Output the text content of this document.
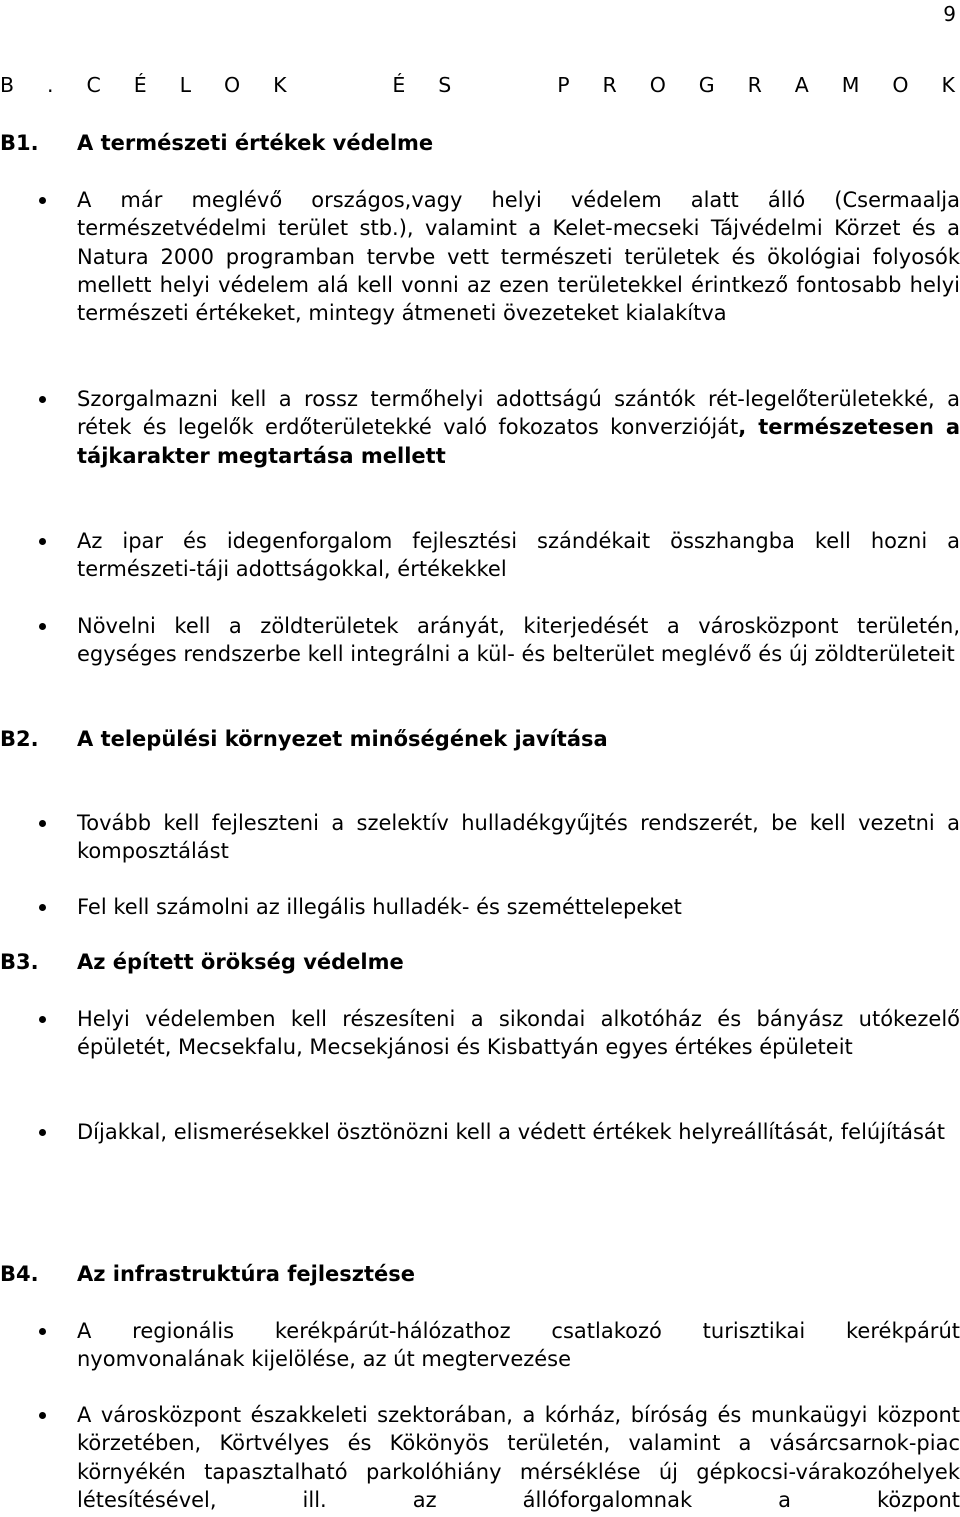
9
B . C É L O K	É S	P R O G R A M O K
B1. A természeti értékek védelme
A már meglévő országos,vagy helyi védelem alatt álló (Csermaalja természetvédelmi terület stb.), valamint a Kelet-mecseki Tájvédelmi Körzet és a Natura 2000 programban tervbe vett természeti területek és ökológiai folyosók mellett helyi védelem alá kell vonni az ezen területekkel érintkező fontosabb helyi természeti értékeket, mintegy átmeneti övezeteket kialakítva
Szorgalmazni kell a rossz termőhelyi adottságú szántók rét-legelőterületekké, a rétek és legelők erdőterületekké való fokozatos konverzióját, természetesen a tájkarakter megtartása mellett
Az ipar és idegenforgalom fejlesztési szándékait összhangba kell hozni a természeti-táji adottságokkal, értékekkel
Növelni kell a zöldterületek arányát, kiterjedését a városközpont területén, egységes rendszerbe kell integrálni a kül- és belterület meglévő és új zöldterületeit
B2. A települési környezet minőségének javítása
Tovább kell fejleszteni a szelektív hulladékgyűjtés rendszerét, be kell vezetni a komposztálást
Fel kell számolni az illegális hulladék- és szeméttelepeket
B3. Az épített örökség védelme
Helyi védelemben kell részesíteni a sikondai alkotóház és bányász utókezelő épületét, Mecsekfalu, Mecsekjánosi és Kisbattyán egyes értékes épületeit
Díjakkal, elismerésekkel ösztönözni kell a védett értékek helyreállítását, felújítását
B4. Az infrastruktúra fejlesztése
A regionális kerékpárút-hálózathoz csatlakozó turisztikai kerékpárút nyomvonalának kijelölése, az út megtervezése
A városközpont északkeleti szektorában, a kórház, bíróság és munkaügyi központ körzetében, Körtvélyes és Kökönyös területén, valamint a vásárcsarnok-piac környékén tapasztalható parkolóhiány mérséklése új gépkocsi-várakozóhelyek létesítésével, ill. az állóforgalomnak a központ
